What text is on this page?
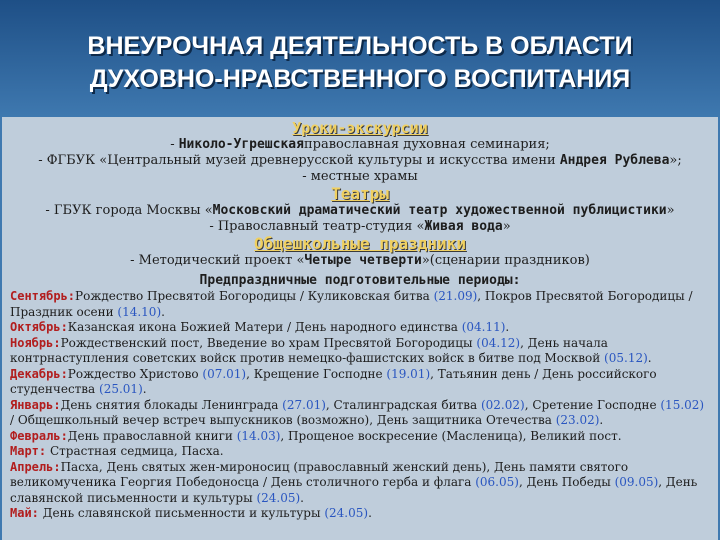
ВНЕУРОЧНАЯ ДЕЯТЕЛЬНОСТЬ В ОБЛАСТИ
ДУХОВНО-НРАВСТВЕННОГО ВОСПИТАНИЯ
Уроки-экскурсии
- Николо-Угрешскаяправославная духовная семинария;
- ФГБУК «Центральный музей древнерусской культуры и искусства имени Андрея Рублева»;
- местные храмы
Театры
- ГБУК города Москвы «Московский драматический театр художественной публицистики»
- Православный театр-студия «Живая вода»
Общешкольные праздники
- Методический проект «Четыре четверти»(сценарии праздников)
Предпраздничные подготовительные периоды:
Сентябрь:Рождество Пресвятой Богородицы / Куликовская битва (21.09), Покров Пресвятой Богородицы / Праздник осени (14.10).
Октябрь:Казанская икона Божией Матери / День народного единства (04.11).
Ноябрь:Рождественский пост, Введение во храм Пресвятой Богородицы (04.12), День начала контрнаступления советских войск против немецко-фашистских войск в битве под Москвой (05.12).
Декабрь:Рождество Христово (07.01), Крещение Господне (19.01), Татьянин день / День российского студенчества (25.01).
Январь:День снятия блокады Ленинграда (27.01), Сталинградская битва (02.02), Сретение Господне (15.02) / Общешкольный вечер встреч выпускников (возможно), День защитника Отечества (23.02).
Февраль:День православной книги (14.03), Прощеное воскресение (Масленица), Великий пост.
Март: Страстная седмица, Пасха.
Апрель:Пасха, День святых жен-мироносиц (православный женский день), День памяти святого великомученика Георгия Победоносца / День столичного герба и флага (06.05), День Победы (09.05), День славянской письменности и культуры (24.05).
Май: День славянской письменности и культуры (24.05).
